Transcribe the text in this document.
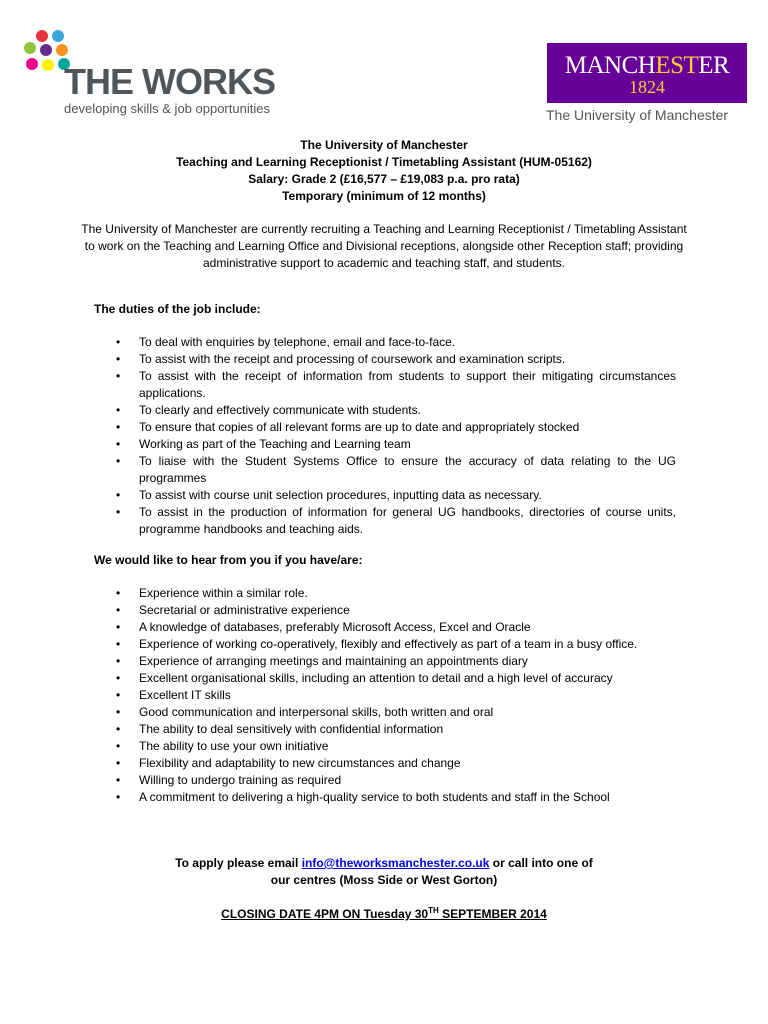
THE WORKS
developing skills & job opportunities
MANCHESTER
1824
The University of Manchester
The University of Manchester
Teaching and Learning Receptionist / Timetabling Assistant (HUM-05162)
Salary: Grade 2 (£16,577 – £19,083 p.a. pro rata)
Temporary (minimum of 12 months)
The University of Manchester are currently recruiting a Teaching and Learning Receptionist / Timetabling Assistant to work on the Teaching and Learning Office and Divisional receptions, alongside other Reception staff; providing administrative support to academic and teaching staff, and students.
The duties of the job include:
• To deal with enquiries by telephone, email and face-to-face.
• To assist with the receipt and processing of coursework and examination scripts.
• To assist with the receipt of information from students to support their mitigating circumstances applications.
• To clearly and effectively communicate with students.
• To ensure that copies of all relevant forms are up to date and appropriately stocked
• Working as part of the Teaching and Learning team
• To liaise with the Student Systems Office to ensure the accuracy of data relating to the UG programmes
• To assist with course unit selection procedures, inputting data as necessary.
• To assist in the production of information for general UG handbooks, directories of course units, programme handbooks and teaching aids.
We would like to hear from you if you have/are:
• Experience within a similar role.
• Secretarial or administrative experience
• A knowledge of databases, preferably Microsoft Access, Excel and Oracle
• Experience of working co-operatively, flexibly and effectively as part of a team in a busy office.
• Experience of arranging meetings and maintaining an appointments diary
• Excellent organisational skills, including an attention to detail and a high level of accuracy
• Excellent IT skills
• Good communication and interpersonal skills, both written and oral
• The ability to deal sensitively with confidential information
• The ability to use your own initiative
• Flexibility and adaptability to new circumstances and change
• Willing to undergo training as required
• A commitment to delivering a high-quality service to both students and staff in the School
To apply please email info@theworksmanchester.co.uk or call into one of
our centres (Moss Side or West Gorton)
CLOSING DATE 4PM ON Tuesday 30TH SEPTEMBER 2014
